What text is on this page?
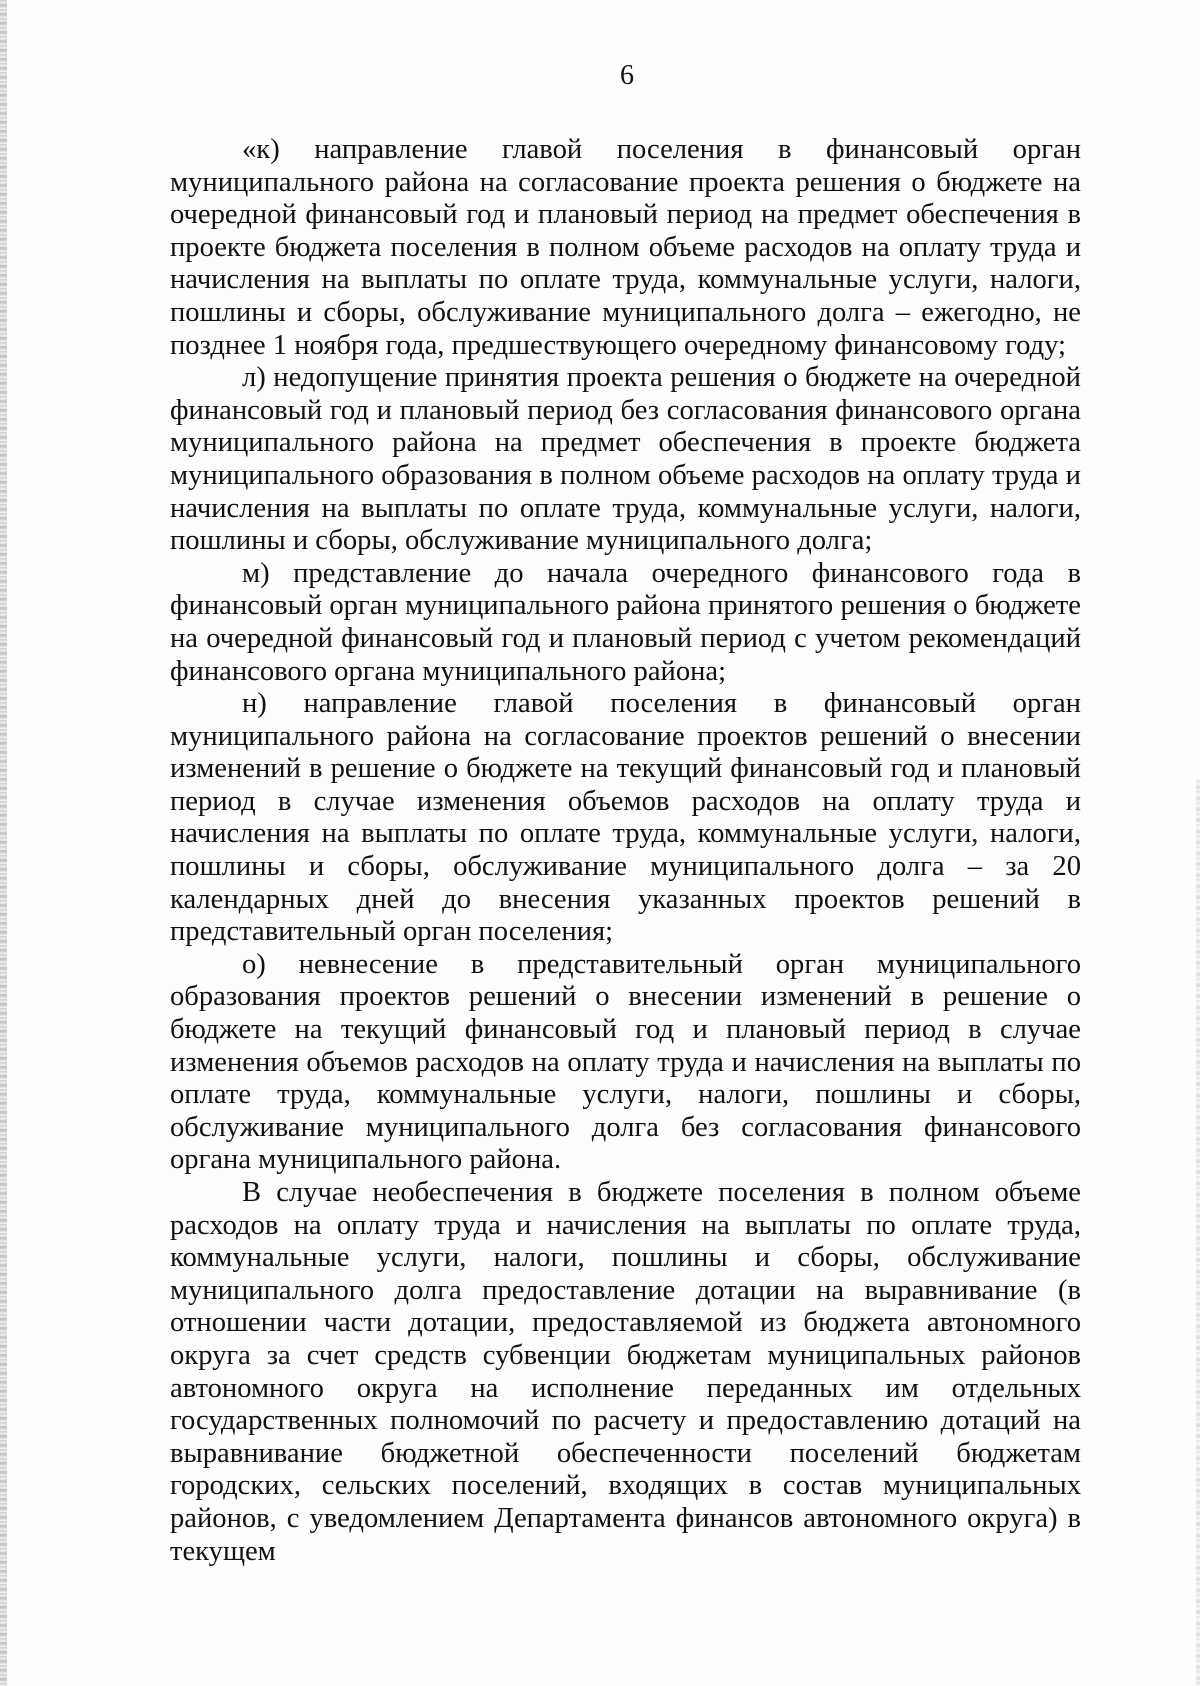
6

«к) направление главой поселения в финансовый орган муниципального района на согласование проекта решения о бюджете на очередной финансовый год и плановый период на предмет обеспечения в проекте бюджета поселения в полном объеме расходов на оплату труда и начисления на выплаты по оплате труда, коммунальные услуги, налоги, пошлины и сборы, обслуживание муниципального долга – ежегодно, не позднее 1 ноября года, предшествующего очередному финансовому году;

л) недопущение принятия проекта решения о бюджете на очередной финансовый год и плановый период без согласования финансового органа муниципального района на предмет обеспечения в проекте бюджета муниципального образования в полном объеме расходов на оплату труда и начисления на выплаты по оплате труда, коммунальные услуги, налоги, пошлины и сборы, обслуживание муниципального долга;

м) представление до начала очередного финансового года в финансовый орган муниципального района принятого решения о бюджете на очередной финансовый год и плановый период с учетом рекомендаций финансового органа муниципального района;

н) направление главой поселения в финансовый орган муниципального района на согласование проектов решений о внесении изменений в решение о бюджете на текущий финансовый год и плановый период в случае изменения объемов расходов на оплату труда и начисления на выплаты по оплате труда, коммунальные услуги, налоги, пошлины и сборы, обслуживание муниципального долга – за 20 календарных дней до внесения указанных проектов решений в представительный орган поселения;

о) невнесение в представительный орган муниципального образования проектов решений о внесении изменений в решение о бюджете на текущий финансовый год и плановый период в случае изменения объемов расходов на оплату труда и начисления на выплаты по оплате труда, коммунальные услуги, налоги, пошлины и сборы, обслуживание муниципального долга без согласования финансового органа муниципального района.

В случае необеспечения в бюджете поселения в полном объеме расходов на оплату труда и начисления на выплаты по оплате труда, коммунальные услуги, налоги, пошлины и сборы, обслуживание муниципального долга предоставление дотации на выравнивание (в отношении части дотации, предоставляемой из бюджета автономного округа за счет средств субвенции бюджетам муниципальных районов автономного округа на исполнение переданных им отдельных государственных полномочий по расчету и предоставлению дотаций на выравнивание бюджетной обеспеченности поселений бюджетам городских, сельских поселений, входящих в состав муниципальных районов, с уведомлением Департамента финансов автономного округа) в текущем
